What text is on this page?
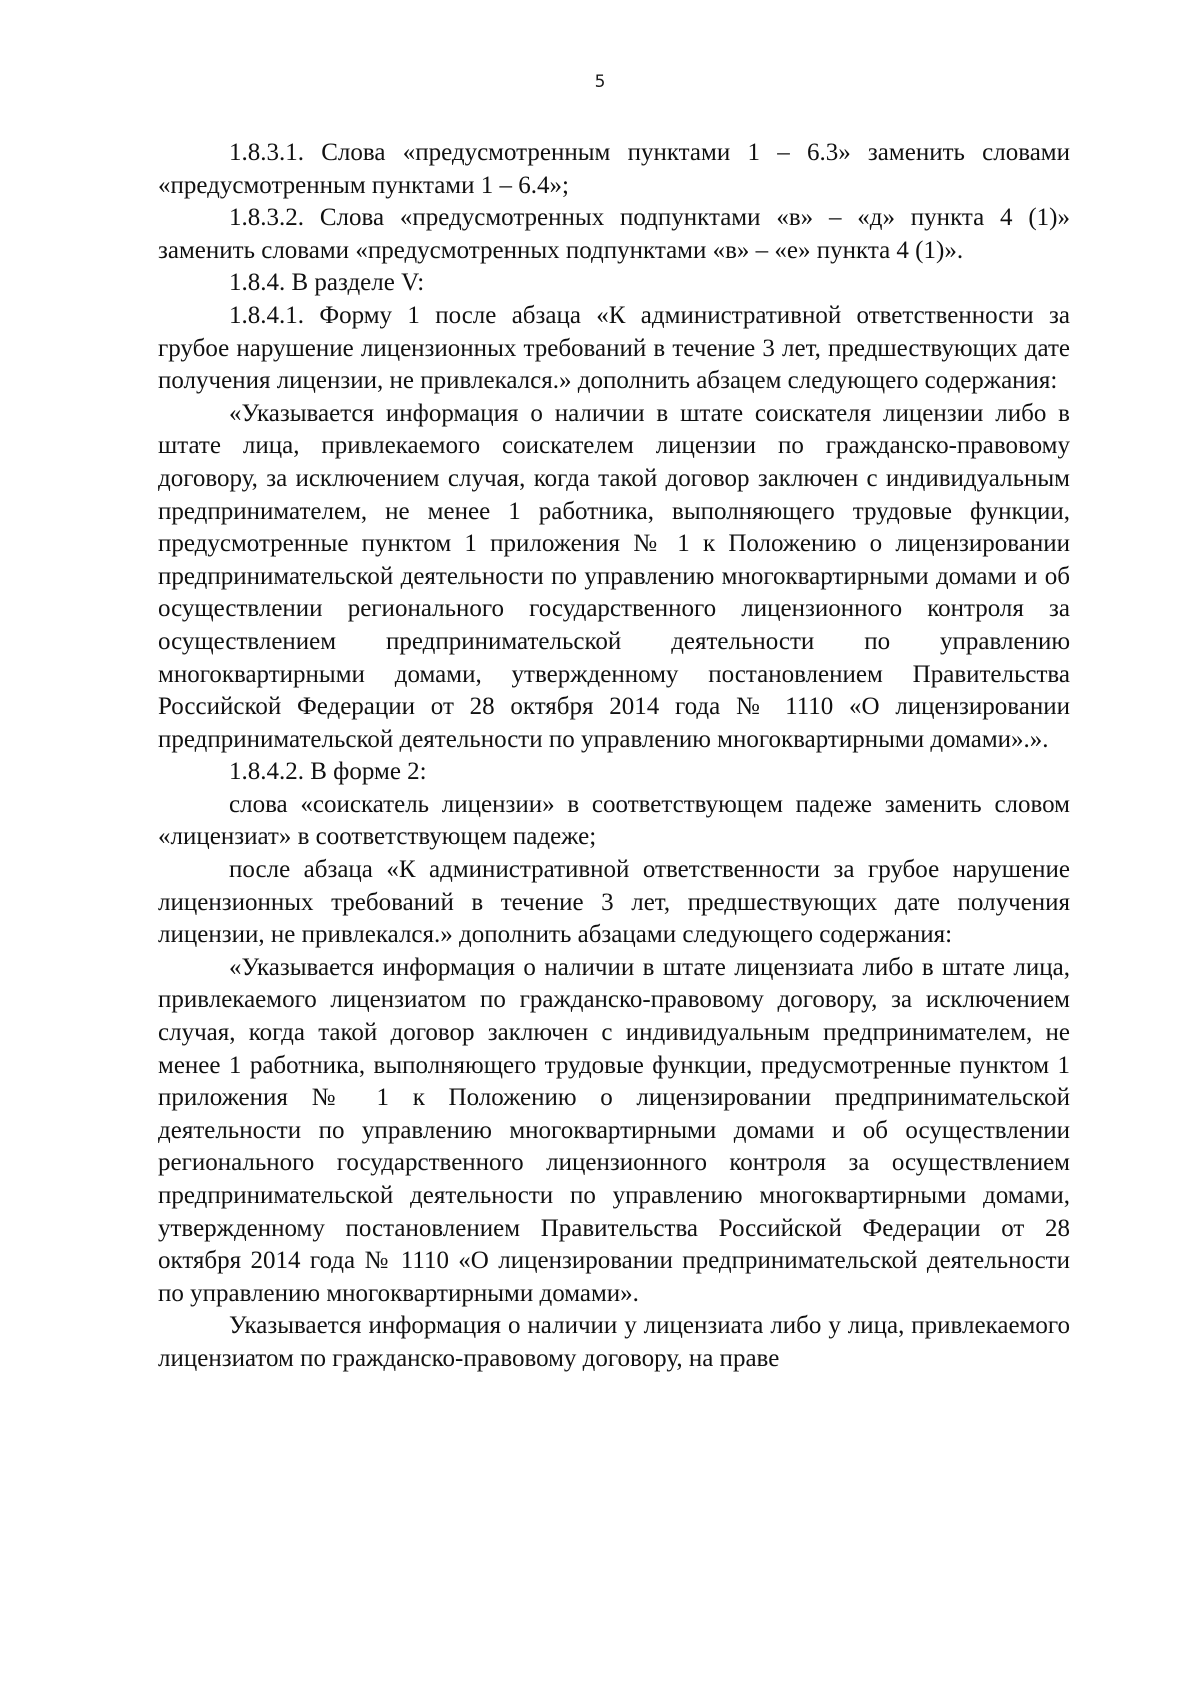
5

1.8.3.1. Слова «предусмотренным пунктами 1 – 6.3» заменить словами «предусмотренным пунктами 1 – 6.4»;

1.8.3.2. Слова «предусмотренных подпунктами «в» – «д» пункта 4 (1)» заменить словами «предусмотренных подпунктами «в» – «е» пункта 4 (1)».

1.8.4. В разделе V:

1.8.4.1. Форму 1 после абзаца «К административной ответственности за грубое нарушение лицензионных требований в течение 3 лет, предшествующих дате получения лицензии, не привлекался.» дополнить абзацем следующего содержания:

«Указывается информация о наличии в штате соискателя лицензии либо в штате лица, привлекаемого соискателем лицензии по гражданско-правовому договору, за исключением случая, когда такой договор заключен с индивидуальным предпринимателем, не менее 1 работника, выполняющего трудовые функции, предусмотренные пунктом 1 приложения № 1 к Положению о лицензировании предпринимательской деятельности по управлению многоквартирными домами и об осуществлении регионального государственного лицензионного контроля за осуществлением предпринимательской деятельности по управлению многоквартирными домами, утвержденному постановлением Правительства Российской Федерации от 28 октября 2014 года № 1110 «О лицензировании предпринимательской деятельности по управлению многоквартирными домами».».

1.8.4.2. В форме 2:

слова «соискатель лицензии» в соответствующем падеже заменить словом «лицензиат» в соответствующем падеже;

после абзаца «К административной ответственности за грубое нарушение лицензионных требований в течение 3 лет, предшествующих дате получения лицензии, не привлекался.» дополнить абзацами следующего содержания:

«Указывается информация о наличии в штате лицензиата либо в штате лица, привлекаемого лицензиатом по гражданско-правовому договору, за исключением случая, когда такой договор заключен с индивидуальным предпринимателем, не менее 1 работника, выполняющего трудовые функции, предусмотренные пунктом 1 приложения № 1 к Положению о лицензировании предпринимательской деятельности по управлению многоквартирными домами и об осуществлении регионального государственного лицензионного контроля за осуществлением предпринимательской деятельности по управлению многоквартирными домами, утвержденному постановлением Правительства Российской Федерации от 28 октября 2014 года № 1110 «О лицензировании предпринимательской деятельности по управлению многоквартирными домами».

Указывается информация о наличии у лицензиата либо у лица, привлекаемого лицензиатом по гражданско-правовому договору, на праве
